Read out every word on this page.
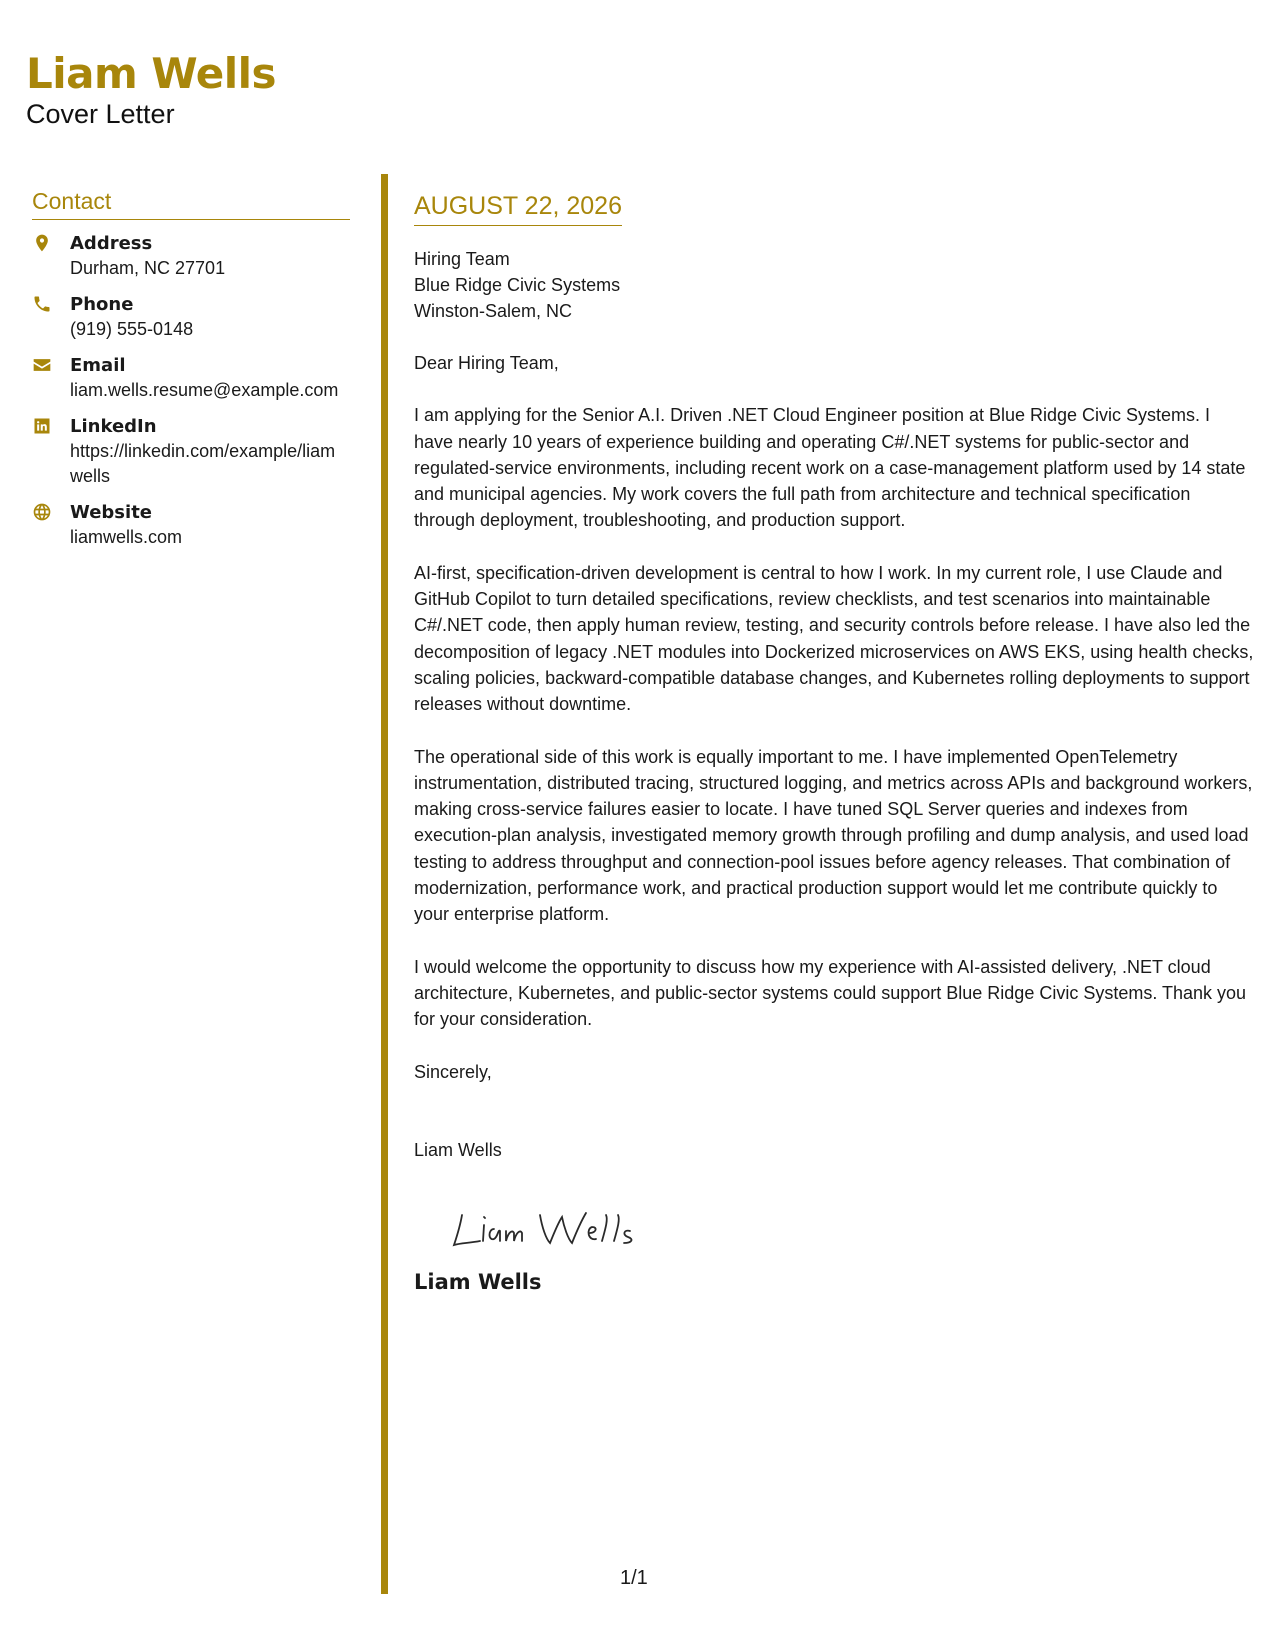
Liam Wells
Cover Letter
Contact
Address
Durham, NC 27701
Phone
(919) 555-0148
Email
liam.wells.resume@example.com
LinkedIn
https://linkedin.com/example/liamwells
Website
liamwells.com
AUGUST 22, 2026
Hiring Team
Blue Ridge Civic Systems
Winston-Salem, NC
Dear Hiring Team,
I am applying for the Senior A.I. Driven .NET Cloud Engineer position at Blue Ridge Civic Systems. I have nearly 10 years of experience building and operating C#/.NET systems for public-sector and regulated-service environments, including recent work on a case-management platform used by 14 state and municipal agencies. My work covers the full path from architecture and technical specification through deployment, troubleshooting, and production support.
AI-first, specification-driven development is central to how I work. In my current role, I use Claude and GitHub Copilot to turn detailed specifications, review checklists, and test scenarios into maintainable C#/.NET code, then apply human review, testing, and security controls before release. I have also led the decomposition of legacy .NET modules into Dockerized microservices on AWS EKS, using health checks, scaling policies, backward-compatible database changes, and Kubernetes rolling deployments to support releases without downtime.
The operational side of this work is equally important to me. I have implemented OpenTelemetry instrumentation, distributed tracing, structured logging, and metrics across APIs and background workers, making cross-service failures easier to locate. I have tuned SQL Server queries and indexes from execution-plan analysis, investigated memory growth through profiling and dump analysis, and used load testing to address throughput and connection-pool issues before agency releases. That combination of modernization, performance work, and practical production support would let me contribute quickly to your enterprise platform.
I would welcome the opportunity to discuss how my experience with AI-assisted delivery, .NET cloud architecture, Kubernetes, and public-sector systems could support Blue Ridge Civic Systems. Thank you for your consideration.
Sincerely,
Liam Wells
Liam Wells
1/1
